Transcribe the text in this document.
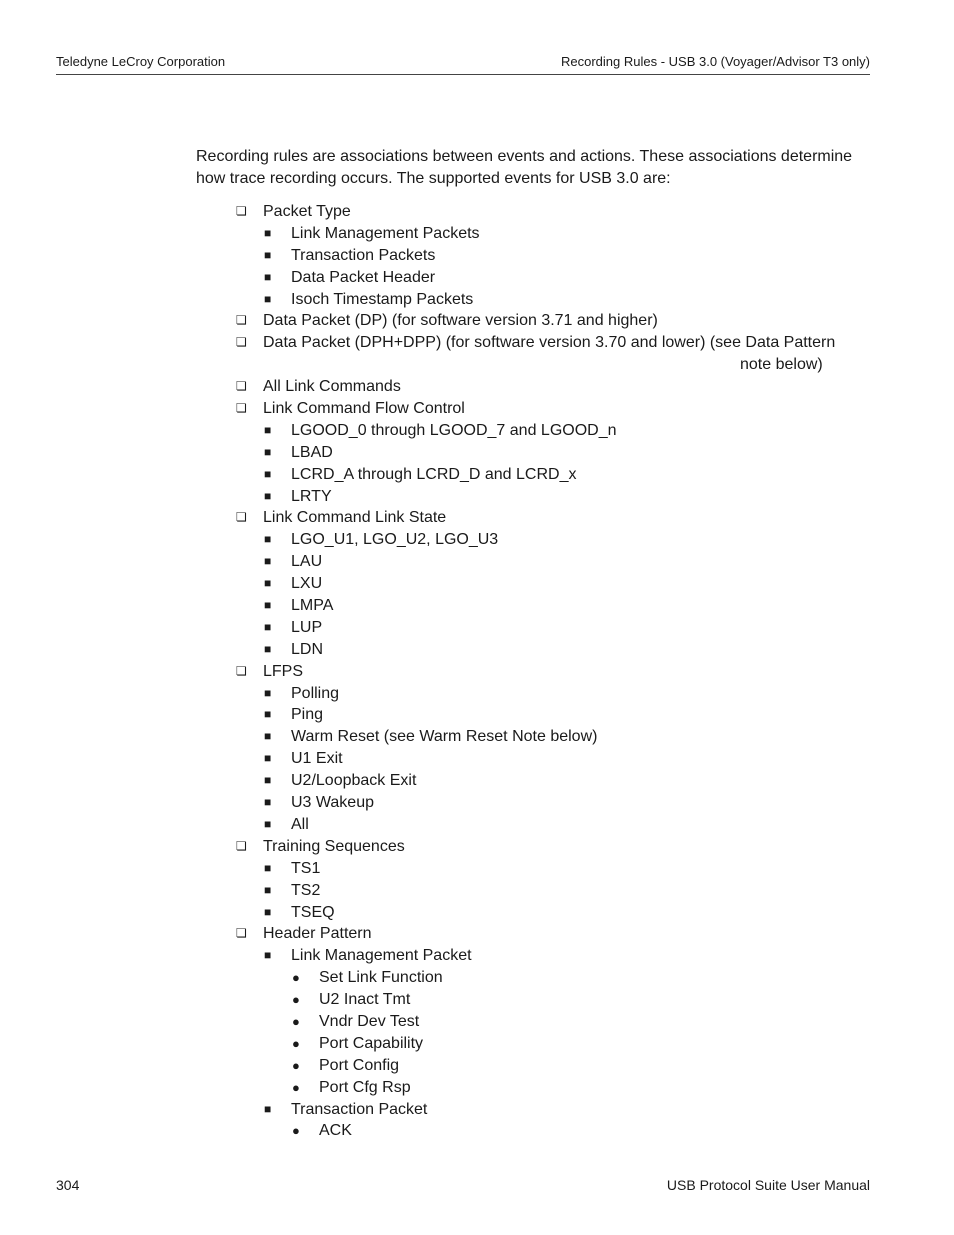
Teledyne LeCroy Corporation	Recording Rules - USB 3.0 (Voyager/Advisor T3 only)

Recording rules are associations between events and actions. These associations determine how trace recording occurs. The supported events for USB 3.0 are:

❏ Packet Type
■ Link Management Packets
■ Transaction Packets
■ Data Packet Header
■ Isoch Timestamp Packets
❏ Data Packet (DP) (for software version 3.71 and higher)
❏ Data Packet (DPH+DPP) (for software version 3.70 and lower) (see Data Pattern
note below)
❏ All Link Commands
❏ Link Command Flow Control
■ LGOOD_0 through LGOOD_7 and LGOOD_n
■ LBAD
■ LCRD_A through LCRD_D and LCRD_x
■ LRTY
❏ Link Command Link State
■ LGO_U1, LGO_U2, LGO_U3
■ LAU
■ LXU
■ LMPA
■ LUP
■ LDN
❏ LFPS
■ Polling
■ Ping
■ Warm Reset (see Warm Reset Note below)
■ U1 Exit
■ U2/Loopback Exit
■ U3 Wakeup
■ All
❏ Training Sequences
■ TS1
■ TS2
■ TSEQ
❏ Header Pattern
■ Link Management Packet
● Set Link Function
● U2 Inact Tmt
● Vndr Dev Test
● Port Capability
● Port Config
● Port Cfg Rsp
■ Transaction Packet
● ACK
304	USB Protocol Suite User Manual
